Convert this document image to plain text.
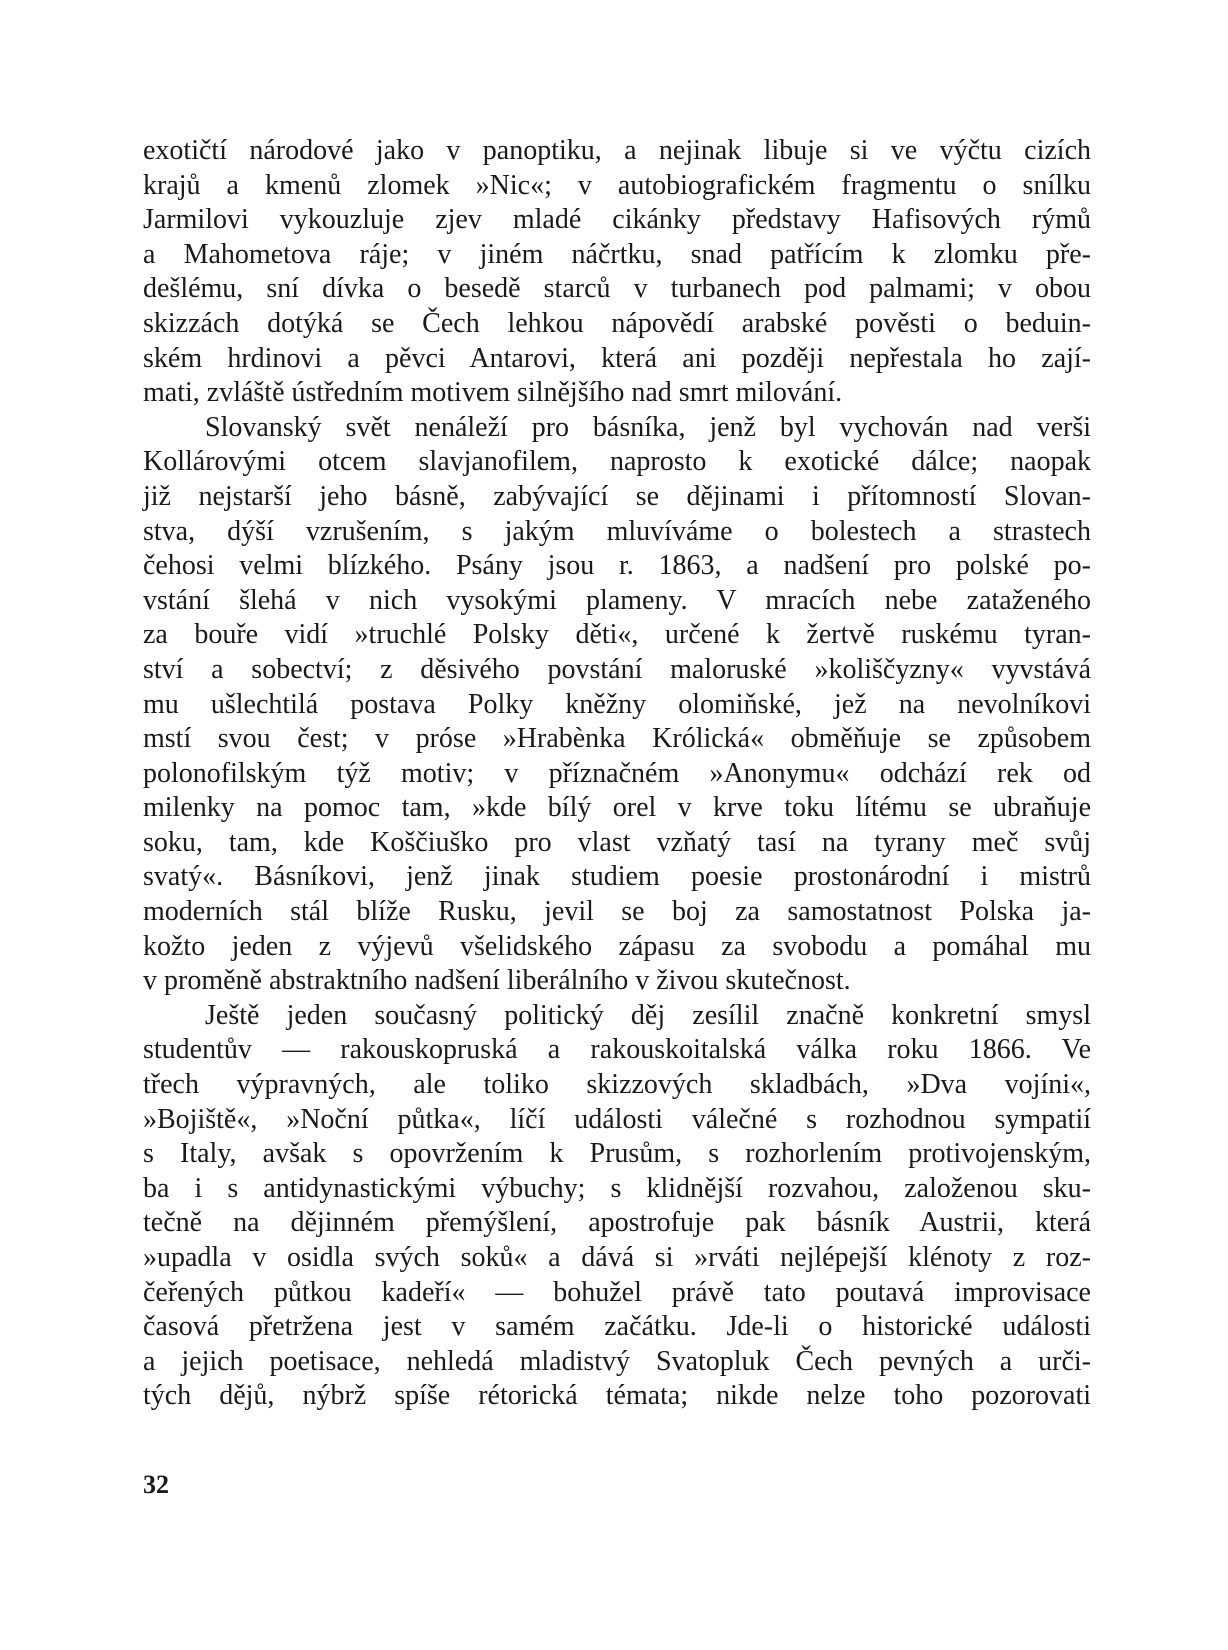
exotičtí národové jako v panoptiku, a nejinak libuje si ve výčtu cizích
krajů a kmenů zlomek »Nic«; v autobiografickém fragmentu o snílku
Jarmilovi vykouzluje zjev mladé cikánky představy Hafisových rýmů
a Mahometova ráje; v jiném náčrtku, snad patřícím k zlomku pře-
dešlému, sní dívka o besedě starců v turbanech pod palmami; v obou
skizzách dotýká se Čech lehkou nápovědí arabské pověsti o beduin-
ském hrdinovi a pěvci Antarovi, která ani později nepřestala ho zají-
mati, zvláště ústředním motivem silnějšího nad smrt milování.
Slovanský svět nenáleží pro básníka, jenž byl vychován nad verši
Kollárovými otcem slavjanofilem, naprosto k exotické dálce; naopak
již nejstarší jeho básně, zabývající se dějinami i přítomností Slovan-
stva, dýší vzrušením, s jakým mluvíváme o bolestech a strastech
čehosi velmi blízkého. Psány jsou r. 1863, a nadšení pro polské po-
vstání šlehá v nich vysokými plameny. V mracích nebe zataženého
za bouře vidí »truchlé Polsky děti«, určené k žertvě ruskému tyran-
ství a sobectví; z děsivého povstání maloruské »koliščyzny« vyvstává
mu ušlechtilá postava Polky kněžny olomiňské, jež na nevolníkovi
mstí svou čest; v próse »Hrabènka Królická« obměňuje se způsobem
polonofilským týž motiv; v příznačném »Anonymu« odchází rek od
milenky na pomoc tam, »kde bílý orel v krve toku lítému se ubraňuje
soku, tam, kde Koščiuško pro vlast vzňatý tasí na tyrany meč svůj
svatý«. Básníkovi, jenž jinak studiem poesie prostonárodní i mistrů
moderních stál blíže Rusku, jevil se boj za samostatnost Polska ja-
kožto jeden z výjevů všelidského zápasu za svobodu a pomáhal mu
v proměně abstraktního nadšení liberálního v živou skutečnost.
Ještě jeden současný politický děj zesílil značně konkretní smysl
studentův — rakouskopruská a rakouskoitalská válka roku 1866. Ve
třech výpravných, ale toliko skizzových skladbách, »Dva vojíni«,
»Bojiště«, »Noční půtka«, líčí události válečné s rozhodnou sympatií
s Italy, avšak s opovržením k Prusům, s rozhorlením protivojenským,
ba i s antidynastickými výbuchy; s klidnější rozvahou, založenou sku-
tečně na dějinném přemýšlení, apostrofuje pak básník Austrii, která
»upadla v osidla svých soků« a dává si »rváti nejlépejší klénoty z roz-
čeřených půtkou kadeří« — bohužel právě tato poutavá improvisace
časová přetržena jest v samém začátku. Jde-li o historické události
a jejich poetisace, nehledá mladistvý Svatopluk Čech pevných a urči-
tých dějů, nýbrž spíše rétorická témata; nikde nelze toho pozorovati
32
